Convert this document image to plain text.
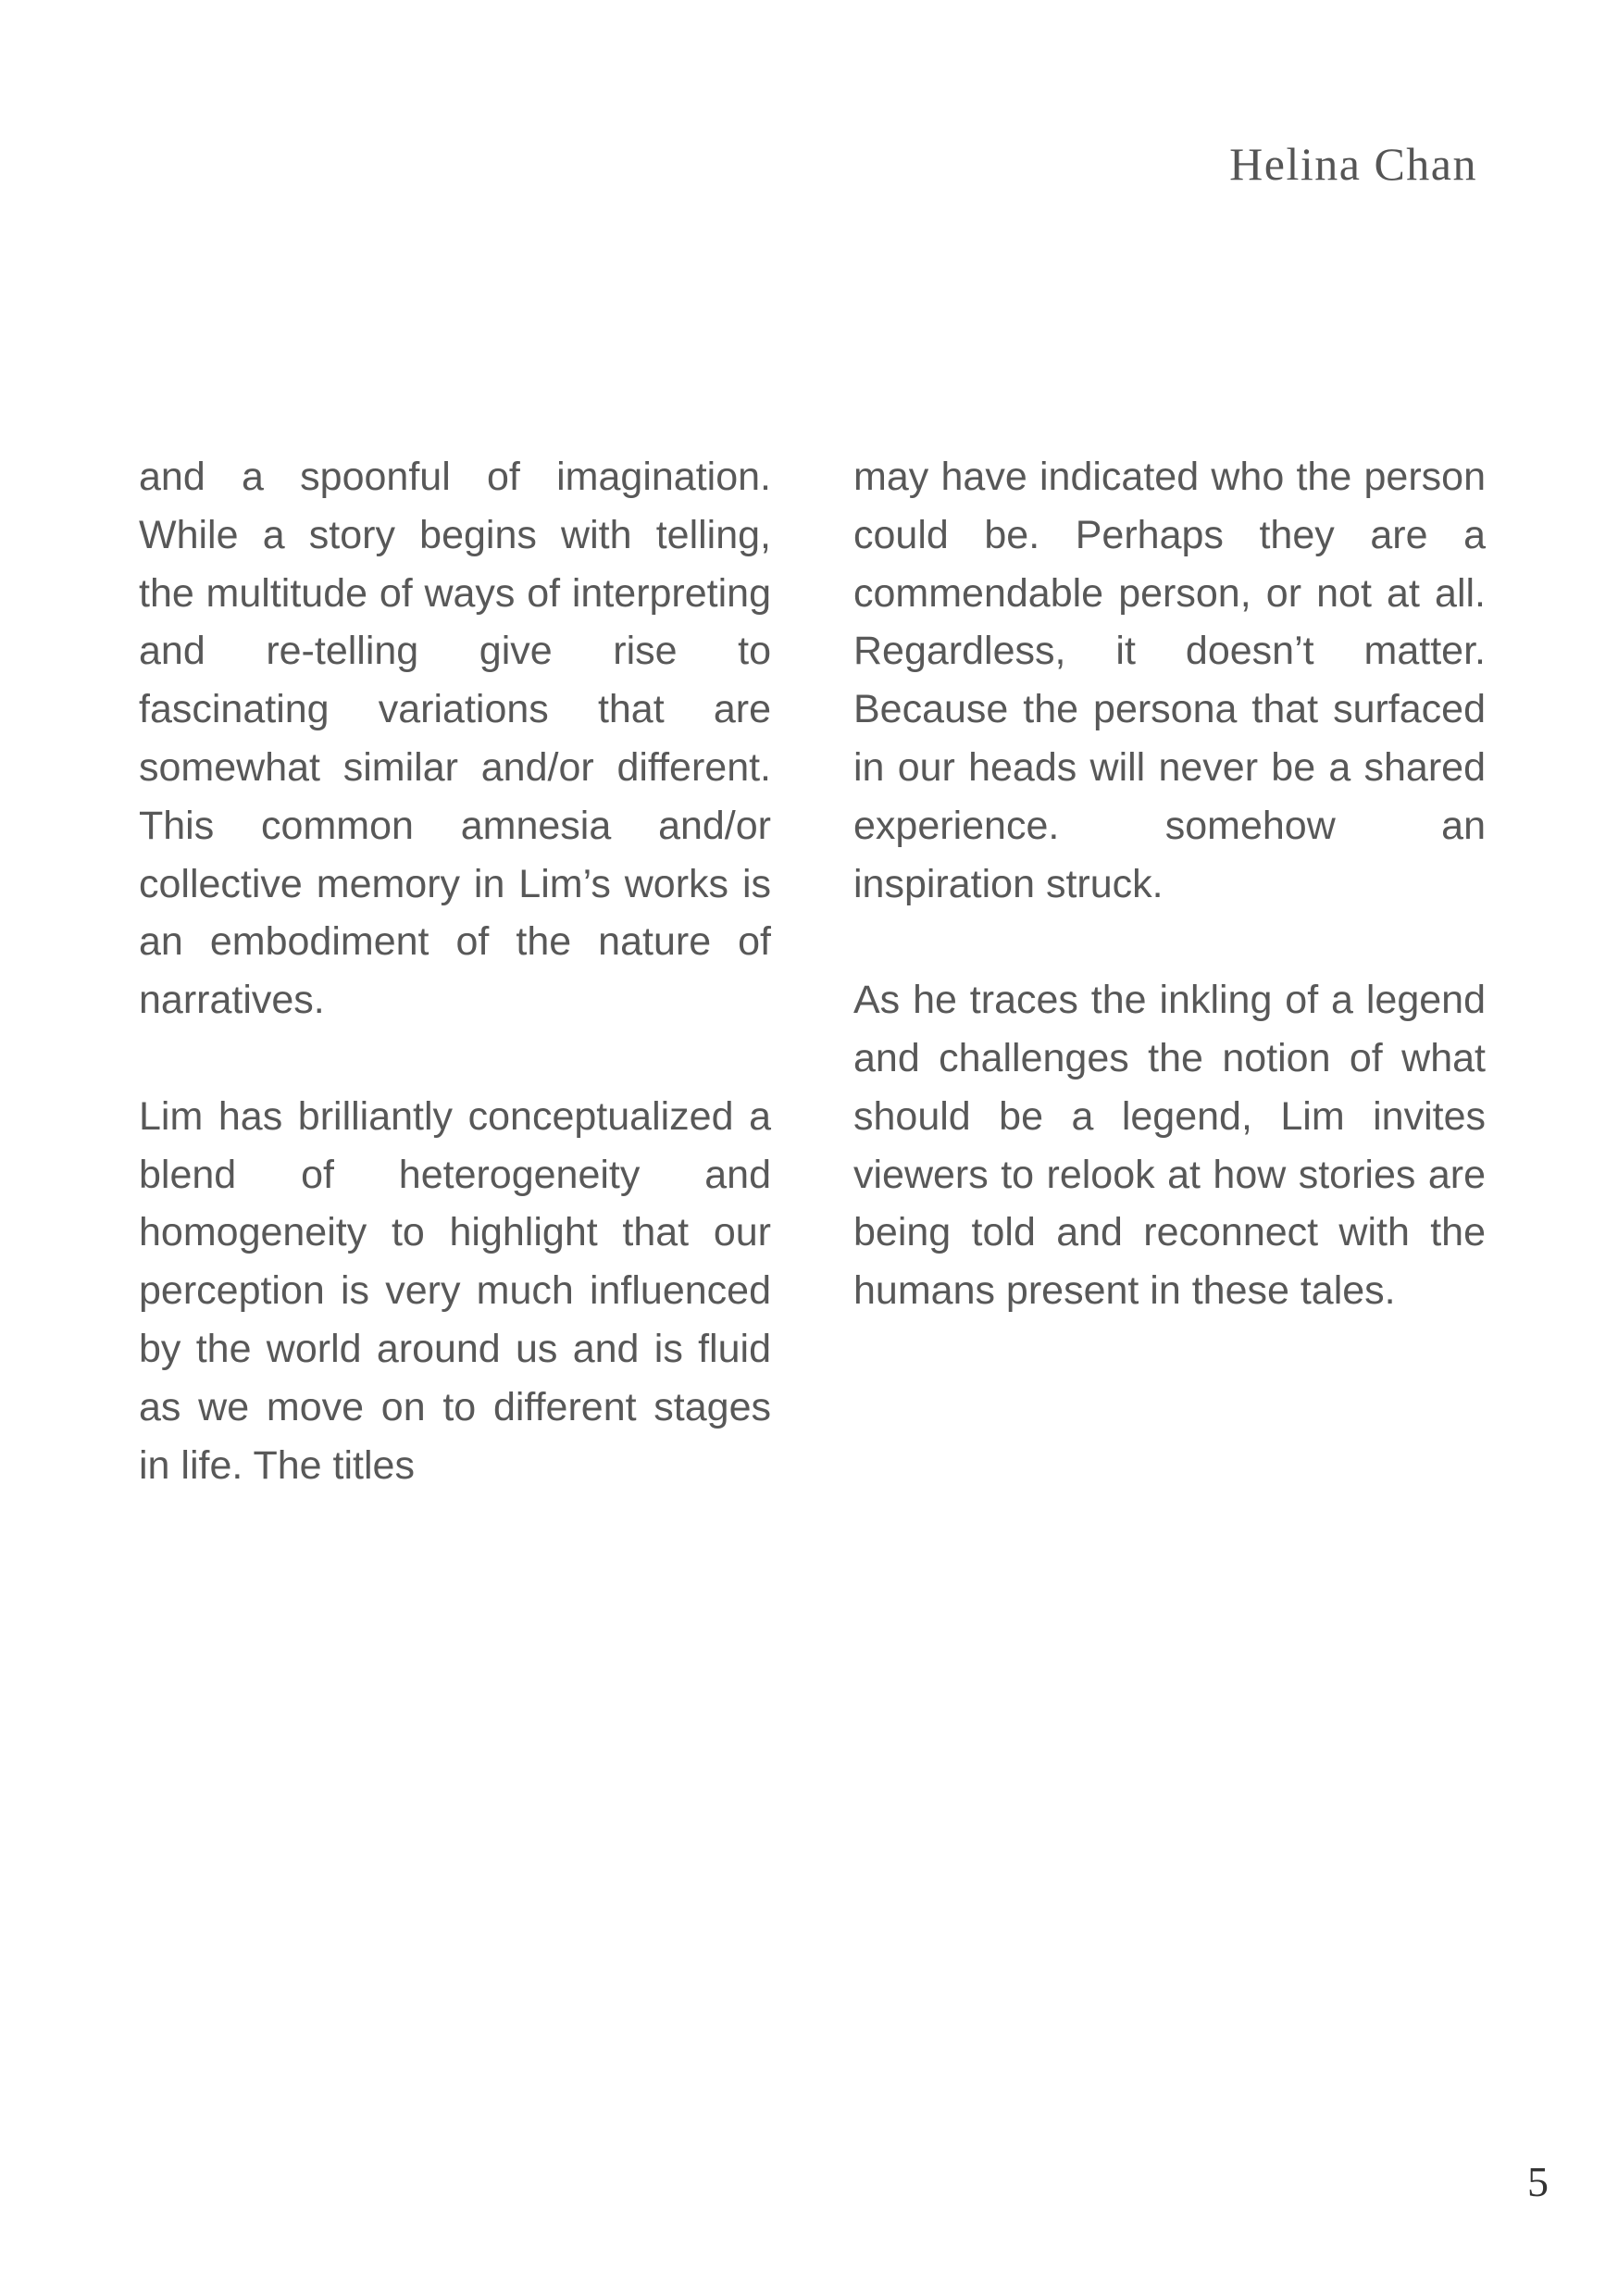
Helina Chan

and a spoonful of imagination. While a story begins with telling, the multitude of ways of interpreting and re-telling give rise to fascinating variations that are somewhat similar and/or different. This common amnesia and/or collective memory in Lim’s works is an embodiment of the nature of narratives.

Lim has brilliantly conceptualized a blend of heterogeneity and homogeneity to highlight that our perception is very much influenced by the world around us and is fluid as we move on to different stages in life. The titles

may have indicated who the person could be. Perhaps they are a commendable person, or not at all. Regardless, it doesn’t matter. Because the persona that surfaced in our heads will never be a shared experience. somehow an inspiration struck.

As he traces the inkling of a legend and challenges the notion of what should be a legend, Lim invites viewers to relook at how stories are being told and reconnect with the humans present in these tales.

5
